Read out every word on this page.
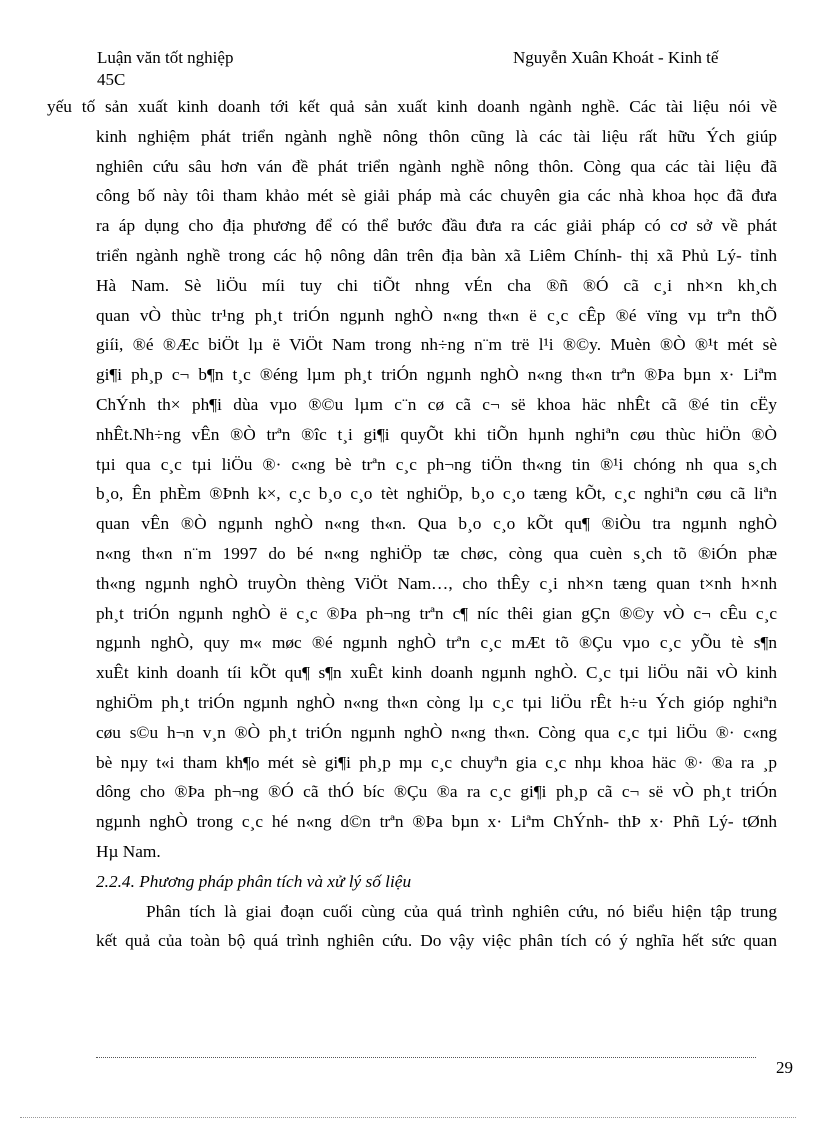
Luận văn tốt nghiệp	Nguyễn Xuân Khoát - Kinh tế
45C
yếu tố sản xuất kinh doanh tới kết quả sản xuất kinh doanh ngành nghề. Các tài liệu nói về
kinh nghiệm phát triển ngành nghề nông thôn cũng là các tài liệu rất hữu Ých giúp
nghiên cứu sâu hơn ván đề phát triển ngành nghề nông thôn. Còng qua các tài liệu đã
công bố này tôi tham khảo mét sè giải pháp mà các chuyên gia các nhà khoa học đã đưa
ra áp dụng cho địa phương để có thể bước đầu đưa ra các giải pháp có cơ sở về phát
triển ngành nghề trong các hộ nông dân trên địa bàn xã Liêm Chính- thị xã Phủ Lý- tỉnh
Hà Nam. Sè liÖu míi tuy chi tiÕt nhng vÉn cha ®ñ ®Ó cã c¸i nh×n kh¸ch
quan vÒ thùc tr¹ng ph¸t triÓn ngµnh nghÒ n«ng th«n ë c¸c cÊp ®é vïng vµ trªn thÕ
giíi, ®é ®Æc biÖt lµ ë ViÖt Nam trong nh÷ng n¨m trë l¹i ®©y. Muèn ®Ò ®¹t mét sè
gi¶i ph¸p c¬ b¶n t¸c ®éng lµm ph¸t triÓn ngµnh nghÒ n«ng th«n trªn ®Þa bµn x· Liªm
ChÝnh th× ph¶i dùa vµo ®©u lµm c¨n cø cã c¬ së khoa häc nhÊt cã ®é tin cËy
nhÊt.Nh÷ng vÊn ®Ò trªn ®îc t¸i gi¶i quyÕt khi tiÕn hµnh nghiªn cøu thùc hiÖn ®Ò
tµi qua c¸c tµi liÖu ®· c«ng bè trªn c¸c ph¬ng tiÖn th«ng tin ®¹i chóng nh qua s¸ch
b¸o, Ên phÈm ®Þnh k×, c¸c b¸o c¸o tèt nghiÖp, b¸o c¸o tæng kÕt, c¸c nghiªn cøu cã liªn
quan vÊn ®Ò ngµnh nghÒ n«ng th«n. Qua b¸o c¸o kÕt qu¶ ®iÒu tra ngµnh nghÒ
n«ng th«n n¨m 1997 do bé n«ng nghiÖp tæ chøc, còng qua cuèn s¸ch tõ ®iÓn phæ
th«ng ngµnh nghÒ truyÒn thèng ViÖt Nam…, cho thÊy c¸i nh×n tæng quan t×nh h×nh
ph¸t triÓn ngµnh nghÒ ë c¸c ®Þa ph¬ng trªn c¶ níc thêi gian gÇn ®©y vÒ c¬ cÊu c¸c
ngµnh nghÒ, quy m« møc ®é ngµnh nghÒ trªn c¸c mÆt tõ ®Çu vµo c¸c yÕu tè s¶n
xuÊt kinh doanh tíi kÕt qu¶ s¶n xuÊt kinh doanh ngµnh nghÒ. C¸c tµi liÖu nãi vÒ kinh
nghiÖm ph¸t triÓn ngµnh nghÒ n«ng th«n còng lµ c¸c tµi liÖu rÊt h÷u Ých gióp nghiªn
cøu s©u h¬n v¸n ®Ò ph¸t triÓn ngµnh nghÒ n«ng th«n. Còng qua c¸c tµi liÖu ®· c«ng
bè nµy t«i tham kh¶o mét sè gi¶i ph¸p mµ c¸c chuyªn gia c¸c nhµ khoa häc ®· ®a ra ¸p
dông cho ®Þa ph¬ng ®Ó cã thÓ bíc ®Çu ®a ra c¸c gi¶i ph¸p cã c¬ së vÒ ph¸t triÓn
ngµnh nghÒ trong c¸c hé n«ng d©n trªn ®Þa bµn x· Liªm ChÝnh- thÞ x· Phñ Lý- tØnh
Hµ Nam.
2.2.4. Phương pháp phân tích và xử lý số liệu
Phân tích là giai đoạn cuối cùng của quá trình nghiên cứu, nó biểu hiện tập trung
kết quả của toàn bộ quá trình nghiên cứu. Do vậy việc phân tích có ý nghĩa hết sức quan
29
